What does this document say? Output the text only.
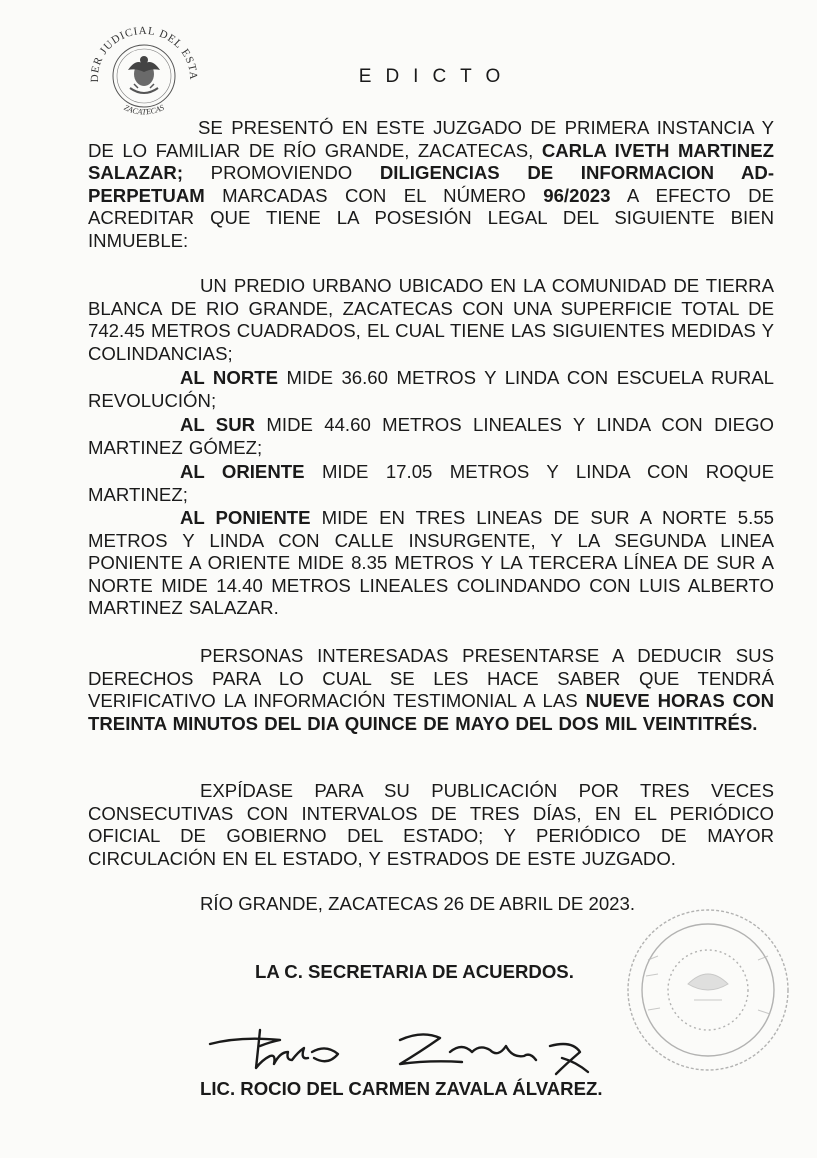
DER JUDICIAL DEL ESTA
ZACATECAS
EDICTO
SE PRESENTÓ EN ESTE JUZGADO DE PRIMERA INSTANCIA Y DE LO FAMILIAR DE RÍO GRANDE, ZACATECAS, CARLA IVETH MARTINEZ SALAZAR; PROMOVIENDO DILIGENCIAS DE INFORMACION AD-PERPETUAM MARCADAS CON EL NÚMERO 96/2023 A EFECTO DE ACREDITAR QUE TIENE LA POSESIÓN LEGAL DEL SIGUIENTE BIEN INMUEBLE:
UN PREDIO URBANO UBICADO EN LA COMUNIDAD DE TIERRA BLANCA DE RIO GRANDE, ZACATECAS CON UNA SUPERFICIE TOTAL DE 742.45 METROS CUADRADOS, EL CUAL TIENE LAS SIGUIENTES MEDIDAS Y COLINDANCIAS;
AL NORTE MIDE 36.60 METROS Y LINDA CON ESCUELA RURAL REVOLUCIÓN;
AL SUR MIDE 44.60 METROS LINEALES Y LINDA CON DIEGO MARTINEZ GÓMEZ;
AL ORIENTE MIDE 17.05 METROS Y LINDA CON ROQUE MARTINEZ;
AL PONIENTE MIDE EN TRES LINEAS DE SUR A NORTE 5.55 METROS Y LINDA CON CALLE INSURGENTE, Y LA SEGUNDA LINEA PONIENTE A ORIENTE MIDE 8.35 METROS Y LA TERCERA LÍNEA DE SUR A NORTE MIDE 14.40 METROS LINEALES COLINDANDO CON LUIS ALBERTO MARTINEZ SALAZAR.
PERSONAS INTERESADAS PRESENTARSE A DEDUCIR SUS DERECHOS PARA LO CUAL SE LES HACE SABER QUE TENDRÁ VERIFICATIVO LA INFORMACIÓN TESTIMONIAL A LAS NUEVE HORAS CON TREINTA MINUTOS DEL DIA QUINCE DE MAYO DEL DOS MIL VEINTITRÉS.
EXPÍDASE PARA SU PUBLICACIÓN POR TRES VECES CONSECUTIVAS CON INTERVALOS DE TRES DÍAS, EN EL PERIÓDICO OFICIAL DE GOBIERNO DEL ESTADO; Y PERIÓDICO DE MAYOR CIRCULACIÓN EN EL ESTADO, Y ESTRADOS DE ESTE JUZGADO.
RÍO GRANDE, ZACATECAS 26 DE ABRIL DE 2023.
LA C. SECRETARIA DE ACUERDOS.
LIC. ROCIO DEL CARMEN ZAVALA ÁLVAREZ.
